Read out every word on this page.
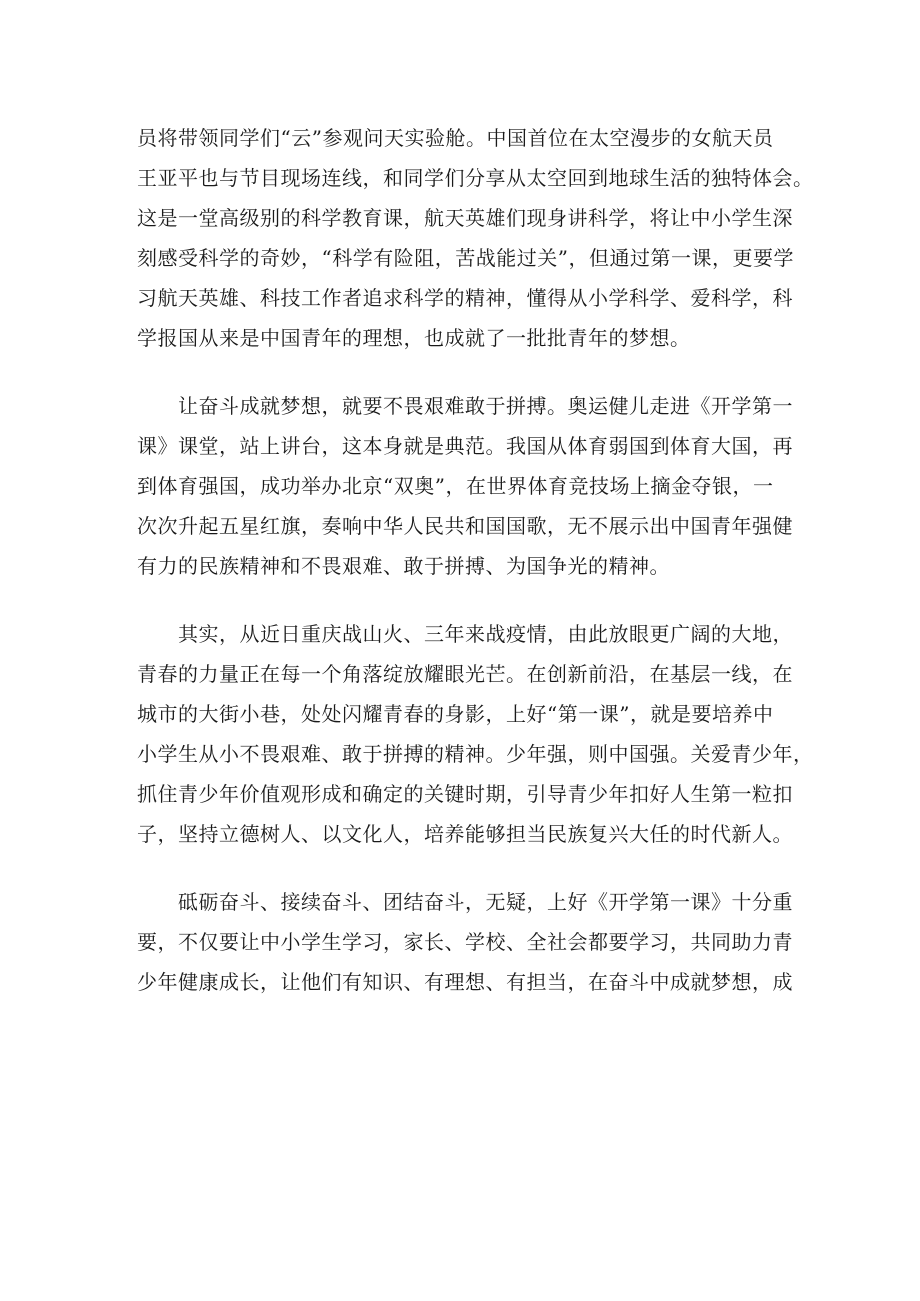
员将带领同学们“云”参观问天实验舱。中国首位在太空漫步的女航天员
王亚平也与节目现场连线，和同学们分享从太空回到地球生活的独特体会。
这是一堂高级别的科学教育课，航天英雄们现身讲科学，将让中小学生深
刻感受科学的奇妙，“科学有险阻，苦战能过关”，但通过第一课，更要学
习航天英雄、科技工作者追求科学的精神，懂得从小学科学、爱科学，科
学报国从来是中国青年的理想，也成就了一批批青年的梦想。
让奋斗成就梦想，就要不畏艰难敢于拼搏。奥运健儿走进《开学第一
课》课堂，站上讲台，这本身就是典范。我国从体育弱国到体育大国，再
到体育强国，成功举办北京“双奥”，在世界体育竞技场上摘金夺银，一
次次升起五星红旗，奏响中华人民共和国国歌，无不展示出中国青年强健
有力的民族精神和不畏艰难、敢于拼搏、为国争光的精神。
其实，从近日重庆战山火、三年来战疫情，由此放眼更广阔的大地，
青春的力量正在每一个角落绽放耀眼光芒。在创新前沿，在基层一线，在
城市的大街小巷，处处闪耀青春的身影，上好“第一课”，就是要培养中
小学生从小不畏艰难、敢于拼搏的精神。少年强，则中国强。关爱青少年，
抓住青少年价值观形成和确定的关键时期，引导青少年扣好人生第一粒扣
子，坚持立德树人、以文化人，培养能够担当民族复兴大任的时代新人。
砥砺奋斗、接续奋斗、团结奋斗，无疑，上好《开学第一课》十分重
要，不仅要让中小学生学习，家长、学校、全社会都要学习，共同助力青
少年健康成长，让他们有知识、有理想、有担当，在奋斗中成就梦想，成
